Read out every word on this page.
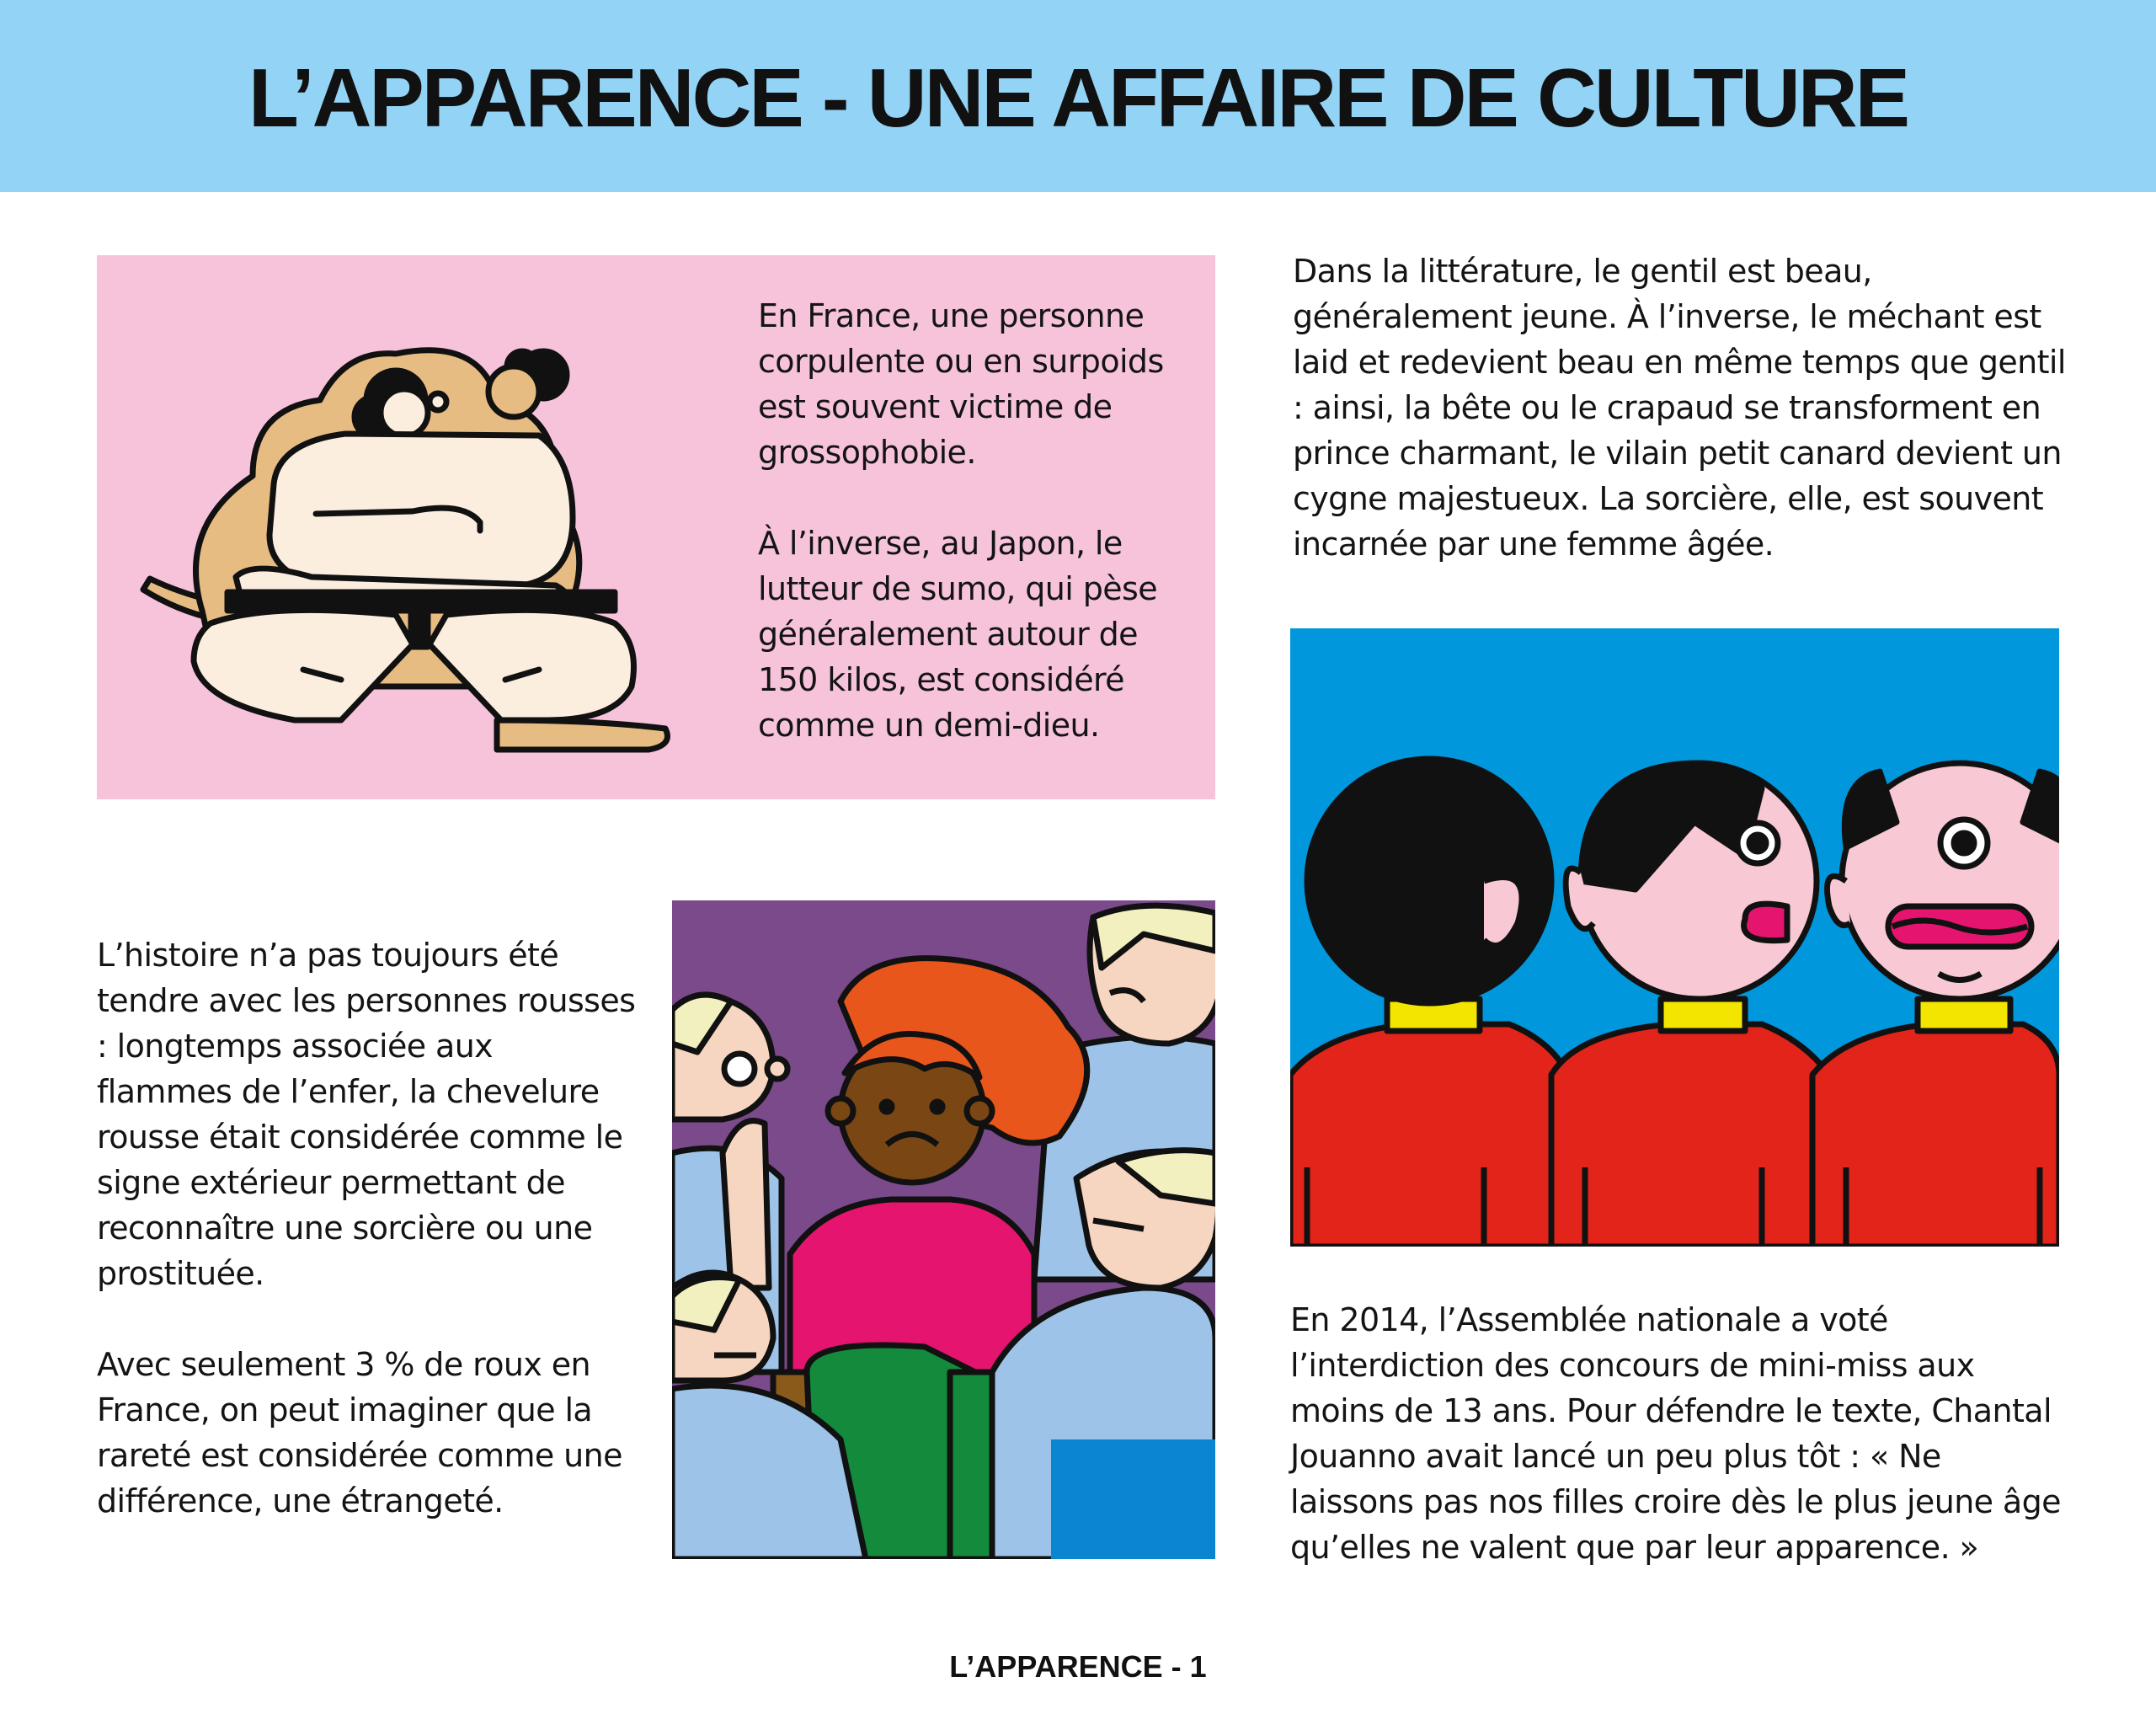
L’APPARENCE - UNE AFFAIRE DE CULTURE

En France, une personne corpulente ou en surpoids est souvent victime de grossophobie.

À l’inverse, au Japon, le lutteur de sumo, qui pèse généralement autour de 150 kilos, est considéré comme un demi-dieu.

Dans la littérature, le gentil est beau, généralement jeune. À l’inverse, le méchant est laid et redevient beau en même temps que gentil : ainsi, la bête ou le crapaud se transforment en prince charmant, le vilain petit canard devient un cygne majestueux. La sorcière, elle, est souvent incarnée par une femme âgée.

L’histoire n’a pas toujours été tendre avec les personnes rousses : longtemps associée aux flammes de l’enfer, la chevelure rousse était considérée comme le signe extérieur permettant de reconnaître une sorcière ou une prostituée.

Avec seulement 3 % de roux en France, on peut imaginer que la rareté est considérée comme une différence, une étrangeté.

En 2014, l’Assemblée nationale a voté l’interdiction des concours de mini-miss aux moins de 13 ans. Pour défendre le texte, Chantal Jouanno avait lancé un peu plus tôt : « Ne laissons pas nos filles croire dès le plus jeune âge qu’elles ne valent que par leur apparence. »

L’APPARENCE - 1
